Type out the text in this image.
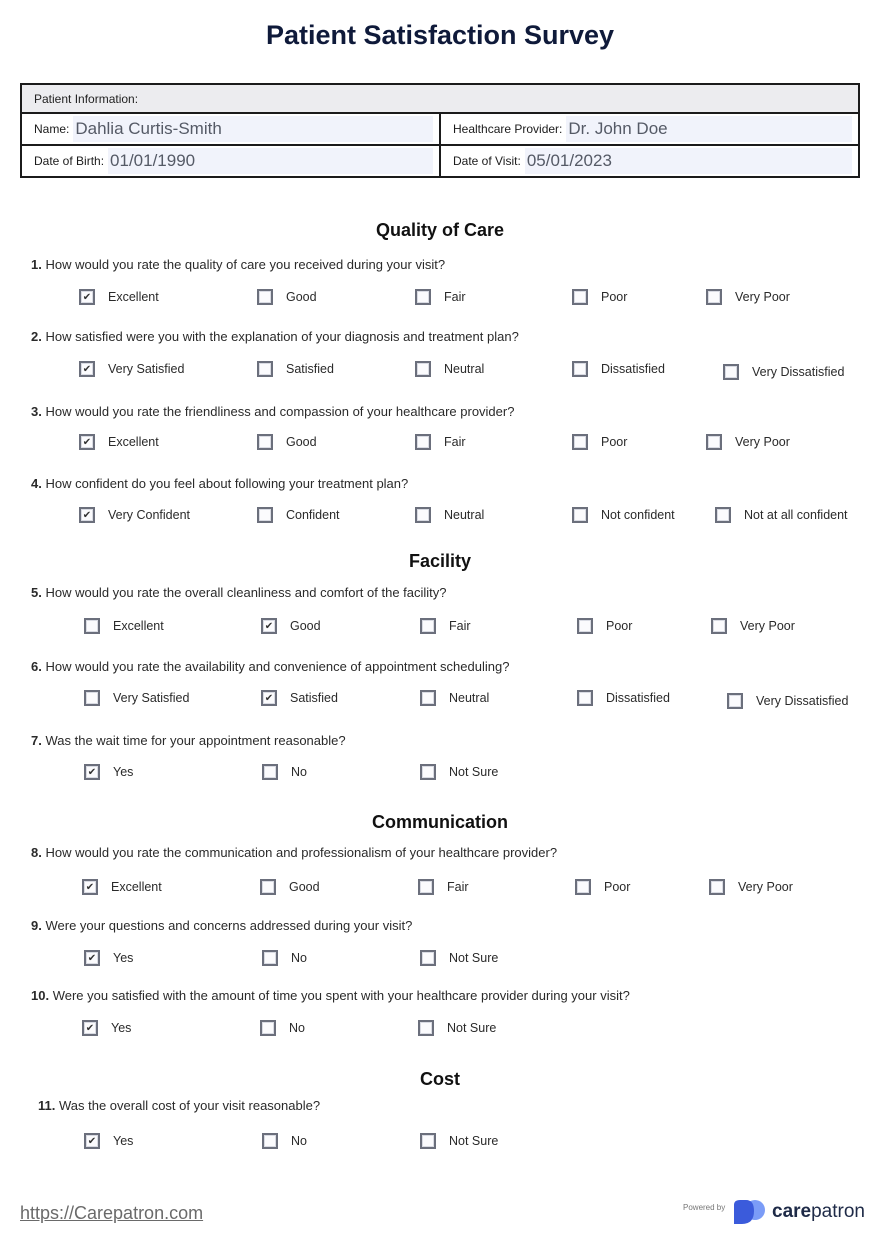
Patient Satisfaction Survey
Patient Information:	

Name: Dahlia Curtis-Smith	Healthcare Provider: Dr. John Doe

Date of Birth: 01/01/1990	Date of Visit: 05/01/2023
Quality of Care
Facility
Communication
Cost
1. How would you rate the quality of care you received during your visit?
✔ Excellent	Good	Fair	Poor	Very Poor
2. How satisfied were you with the explanation of your diagnosis and treatment plan?
✔ Very Satisfied	Satisfied	Neutral	Dissatisfied	Very Dissatisfied
3. How would you rate the friendliness and compassion of your healthcare provider?
✔ Excellent	Good	Fair	Poor	Very Poor
4. How confident do you feel about following your treatment plan?
✔ Very Confident	Confident	Neutral	Not confident	Not at all confident
5. How would you rate the overall cleanliness and comfort of the facility?
Excellent	✔ Good	Fair	Poor	Very Poor
6. How would you rate the availability and convenience of appointment scheduling?
Very Satisfied	✔ Satisfied	Neutral	Dissatisfied	Very Dissatisfied
7. Was the wait time for your appointment reasonable?
✔ Yes	No	Not Sure
8. How would you rate the communication and professionalism of your healthcare provider?
✔ Excellent	Good	Fair	Poor	Very Poor
9. Were your questions and concerns addressed during your visit?
✔ Yes	No	Not Sure
10. Were you satisfied with the amount of time you spent with your healthcare provider during your visit?
✔ Yes	No	Not Sure
11. Was the overall cost of your visit reasonable?
✔ Yes	No	Not Sure
https://Carepatron.com	Powered by carepatron
